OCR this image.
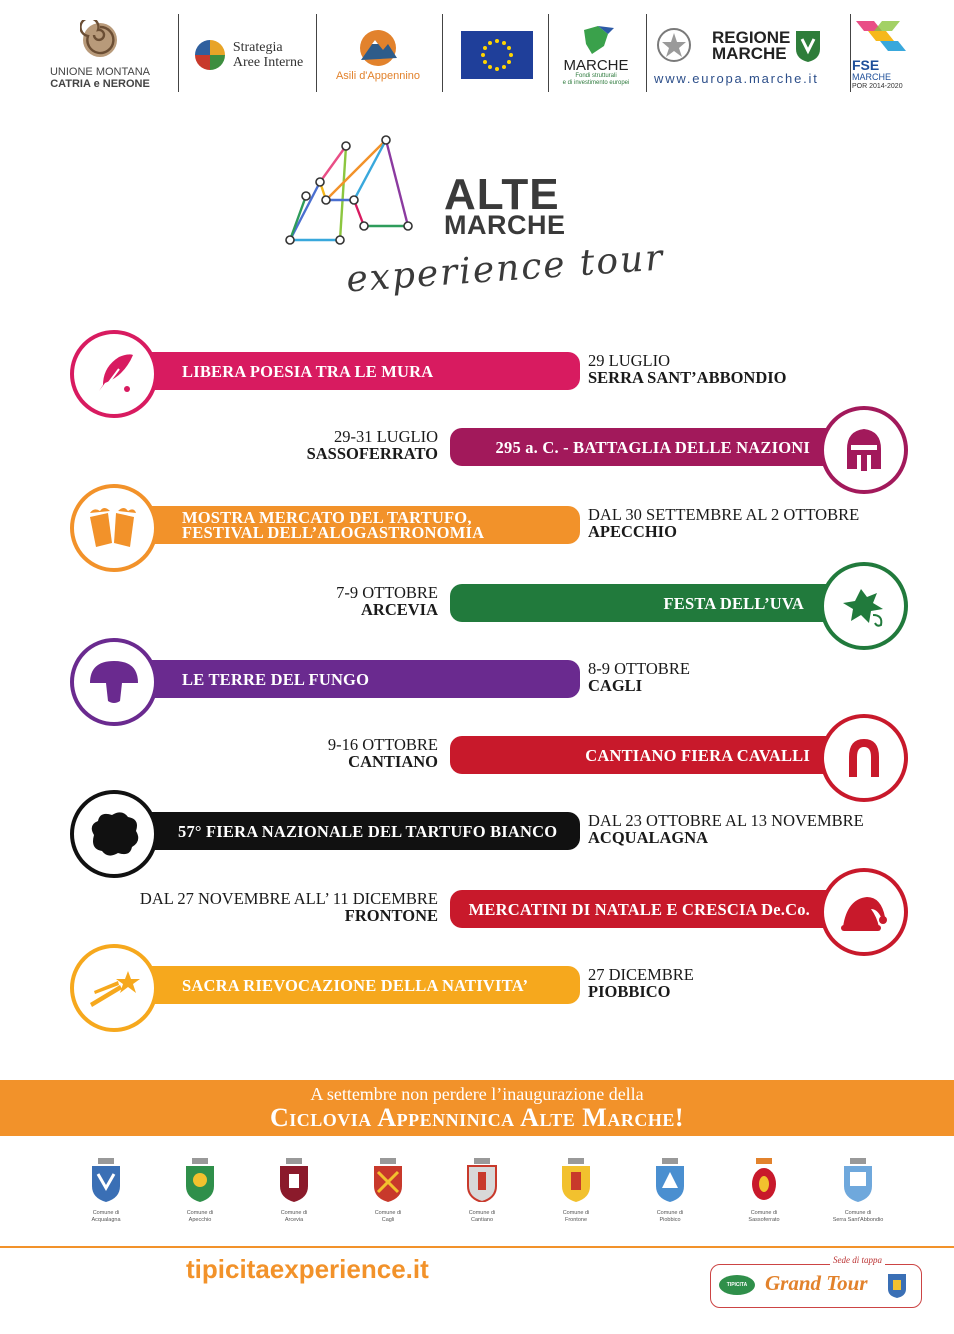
UNIONE MONTANA
CATRIA e NERONE
Strategia
Aree Interne
Asili d'Appennino
MARCHE
Fondi strutturali
e di investimento europei
REGIONE
MARCHE
www.europa.marche.it
FSE
MARCHE
POR 2014-2020
ALTE
MARCHE
experience tour
LIBERA POESIA TRA LE MURA
29 LUGLIO
SERRA SANT’ABBONDIO
295 a. C. - BATTAGLIA DELLE NAZIONI
29-31 LUGLIO
SASSOFERRATO
MOSTRA MERCATO DEL TARTUFO, FESTIVAL DELL’ALOGASTRONOMIA
DAL 30 SETTEMBRE AL 2 OTTOBRE
APECCHIO
FESTA DELL’UVA
7-9 OTTOBRE
ARCEVIA
LE TERRE DEL FUNGO
8-9 OTTOBRE
CAGLI
CANTIANO FIERA CAVALLI
9-16 OTTOBRE
CANTIANO
57° FIERA NAZIONALE DEL TARTUFO BIANCO
DAL 23 OTTOBRE AL 13 NOVEMBRE
ACQUALAGNA
MERCATINI DI NATALE E CRESCIA De.Co.
DAL 27 NOVEMBRE ALL’ 11 DICEMBRE
FRONTONE
SACRA RIEVOCAZIONE DELLA NATIVITA’
27 DICEMBRE
PIOBBICO
A settembre non perdere l’inaugurazione della
Ciclovia Appenninica Alte Marche!
Comune di
Acqualagna
Comune di
Apecchio
Comune di
Arcevia
Comune di
Cagli
Comune di
Cantiano
Comune di
Frontone
Comune di
Piobbico
Comune di
Sassoferrato
Comune di
Serra Sant'Abbondio
tipicitaexperience.it	Sede di tappa
TIPICITA Grand Tour
